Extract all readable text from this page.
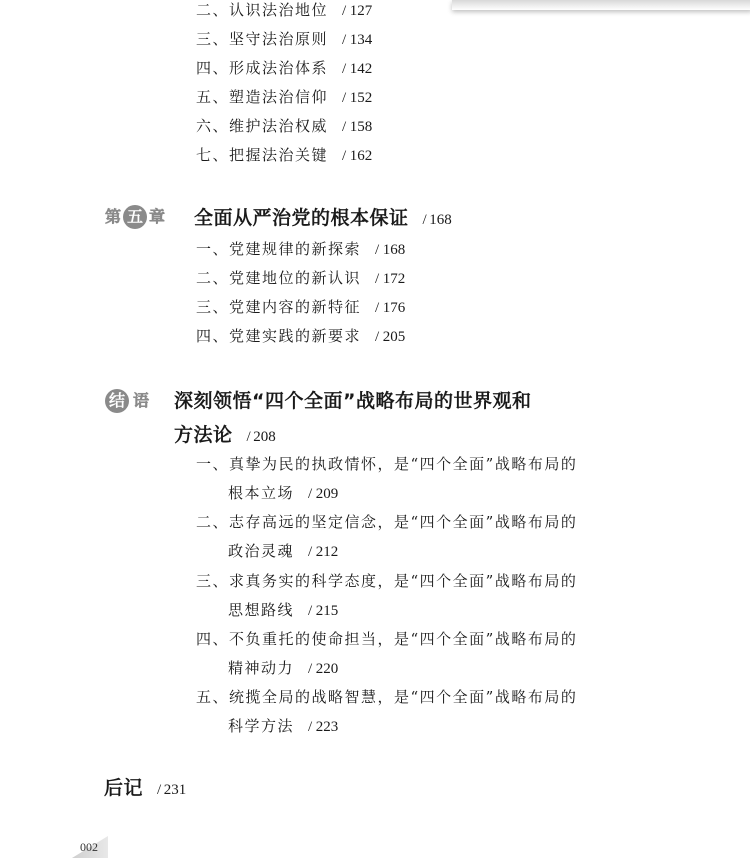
二、认识法治地位 / 127
三、坚守法治原则 / 134
四、形成法治体系 / 142
五、塑造法治信仰 / 152
六、维护法治权威 / 158
七、把握法治关键 / 162
第 五 章 全面从严治党的根本保证 / 168
一、党建规律的新探索 / 168
二、党建地位的新认识 / 172
三、党建内容的新特征 / 176
四、党建实践的新要求 / 205
结 语 深刻领悟“四个全面”战略布局的世界观和
方法论 / 208
一、真挚为民的执政情怀，是“四个全面”战略布局的
根本立场 / 209
二、志存高远的坚定信念，是“四个全面”战略布局的
政治灵魂 / 212
三、求真务实的科学态度，是“四个全面”战略布局的
思想路线 / 215
四、不负重托的使命担当，是“四个全面”战略布局的
精神动力 / 220
五、统揽全局的战略智慧，是“四个全面”战略布局的
科学方法 / 223
后记 / 231
002
